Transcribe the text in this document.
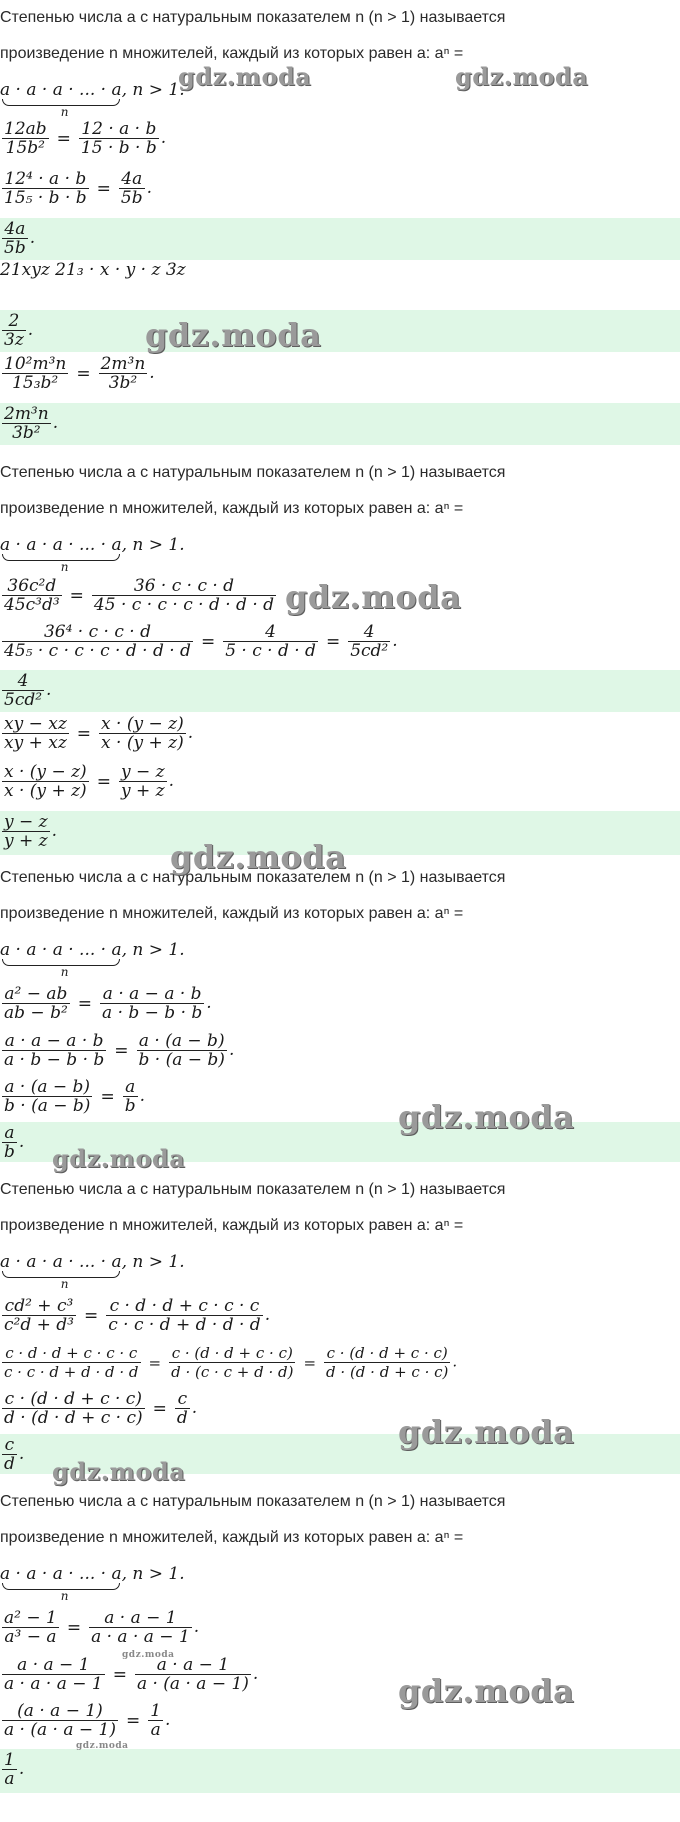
Степенью числа a с натуральным показателем n (n > 1) называется
произведение n множителей, каждый из которых равен a: aⁿ =
a · a · a · ... · a
n
, n > 1.
$\frac{12ab}{\text{15b²}} = \frac{12 \cdot a \cdot b}{15 \cdot b \cdot b}$ .
$\frac{\text{12⁴ · a · b}}{\text{15₅ · b · b}} = \frac{4a}{5b}$ .
$\frac{4a}{5b}$ .
21xyz 21₃ · x · y · z 3z
$\frac{2}{3z}$ .
$\frac{\text{10²m³n}}{\text{15₃b²}} = \frac{\text{2m³n}}{\text{3b²}}$ .
$\frac{\text{2m³n}}{\text{3b²}}$ .
Степенью числа a с натуральным показателем n (n > 1) называется
произведение n множителей, каждый из которых равен a: aⁿ =
a · a · a · ... · a
n
, n > 1.
$\frac{\text{36c²d}}{\text{45c³d³}} = \frac{36 \cdot c \cdot c \cdot d}{45 \cdot c \cdot c \cdot c \cdot d \cdot d \cdot d}$
$\frac{\text{36⁴ · c · c · d}}{\text{45₅ · c · c · c · d · d · d}} = \frac{4}{5 \cdot c \cdot d \cdot d} = \frac{4}{\text{5cd²}}$ .
$\frac{4}{\text{5cd²}}$ .
$\frac{xy - xz}{xy + xz} = \frac{x \cdot (y - z)}{x \cdot (y + z)}$ .
$\frac{x \cdot (y - z)}{x \cdot (y + z)} = \frac{y - z}{y + z}$ .
$\frac{y - z}{y + z}$ .
Степенью числа a с натуральным показателем n (n > 1) называется
произведение n множителей, каждый из которых равен a: aⁿ =
a · a · a · ... · a
n
, n > 1.
$\frac{\text{a² − ab}}{\text{ab − b²}} = \frac{a \cdot a - a \cdot b}{a \cdot b - b \cdot b}$ .
$\frac{a \cdot a - a \cdot b}{a \cdot b - b \cdot b} = \frac{a \cdot (a - b)}{b \cdot (a - b)}$ .
$\frac{a \cdot (a - b)}{b \cdot (a - b)} = \frac{a}{b}$ .
$\frac{a}{b}$ .
Степенью числа a с натуральным показателем n (n > 1) называется
произведение n множителей, каждый из которых равен a: aⁿ =
a · a · a · ... · a
n
, n > 1.
$\frac{\text{cd² + c³}}{\text{c²d + d³}} = \frac{c \cdot d \cdot d + c \cdot c \cdot c}{c \cdot c \cdot d + d \cdot d \cdot d}$ .
$\frac{c \cdot d \cdot d + c \cdot c \cdot c}{c \cdot c \cdot d + d \cdot d \cdot d} = \frac{c \cdot (d \cdot d + c \cdot c)}{d \cdot (c \cdot c + d \cdot d)} = \frac{c \cdot (d \cdot d + c \cdot c)}{d \cdot (d \cdot d + c \cdot c)}$ .
$\frac{c \cdot (d \cdot d + c \cdot c)}{d \cdot (d \cdot d + c \cdot c)} = \frac{c}{d}$ .
$\frac{c}{d}$ .
Степенью числа a с натуральным показателем n (n > 1) называется
произведение n множителей, каждый из которых равен a: aⁿ =
a · a · a · ... · a
n
, n > 1.
$\frac{\text{a² − 1}}{\text{a³ − a}} = \frac{a \cdot a - 1}{a \cdot a \cdot a - 1}$ .
$\frac{a \cdot a - 1}{a \cdot a \cdot a - 1} = \frac{a \cdot a - 1}{a \cdot (a \cdot a - 1)}$ .
$\frac{(a \cdot a - 1)}{a \cdot (a \cdot a - 1)} = \frac{1}{a}$ .
$\frac{1}{a}$ .
gdz.moda	gdz.moda
gdz.moda
gdz.moda
gdz.moda
gdz.moda
gdz.moda
gdz.moda
gdz.moda
gdz.moda
gdz.moda
gdz.moda
